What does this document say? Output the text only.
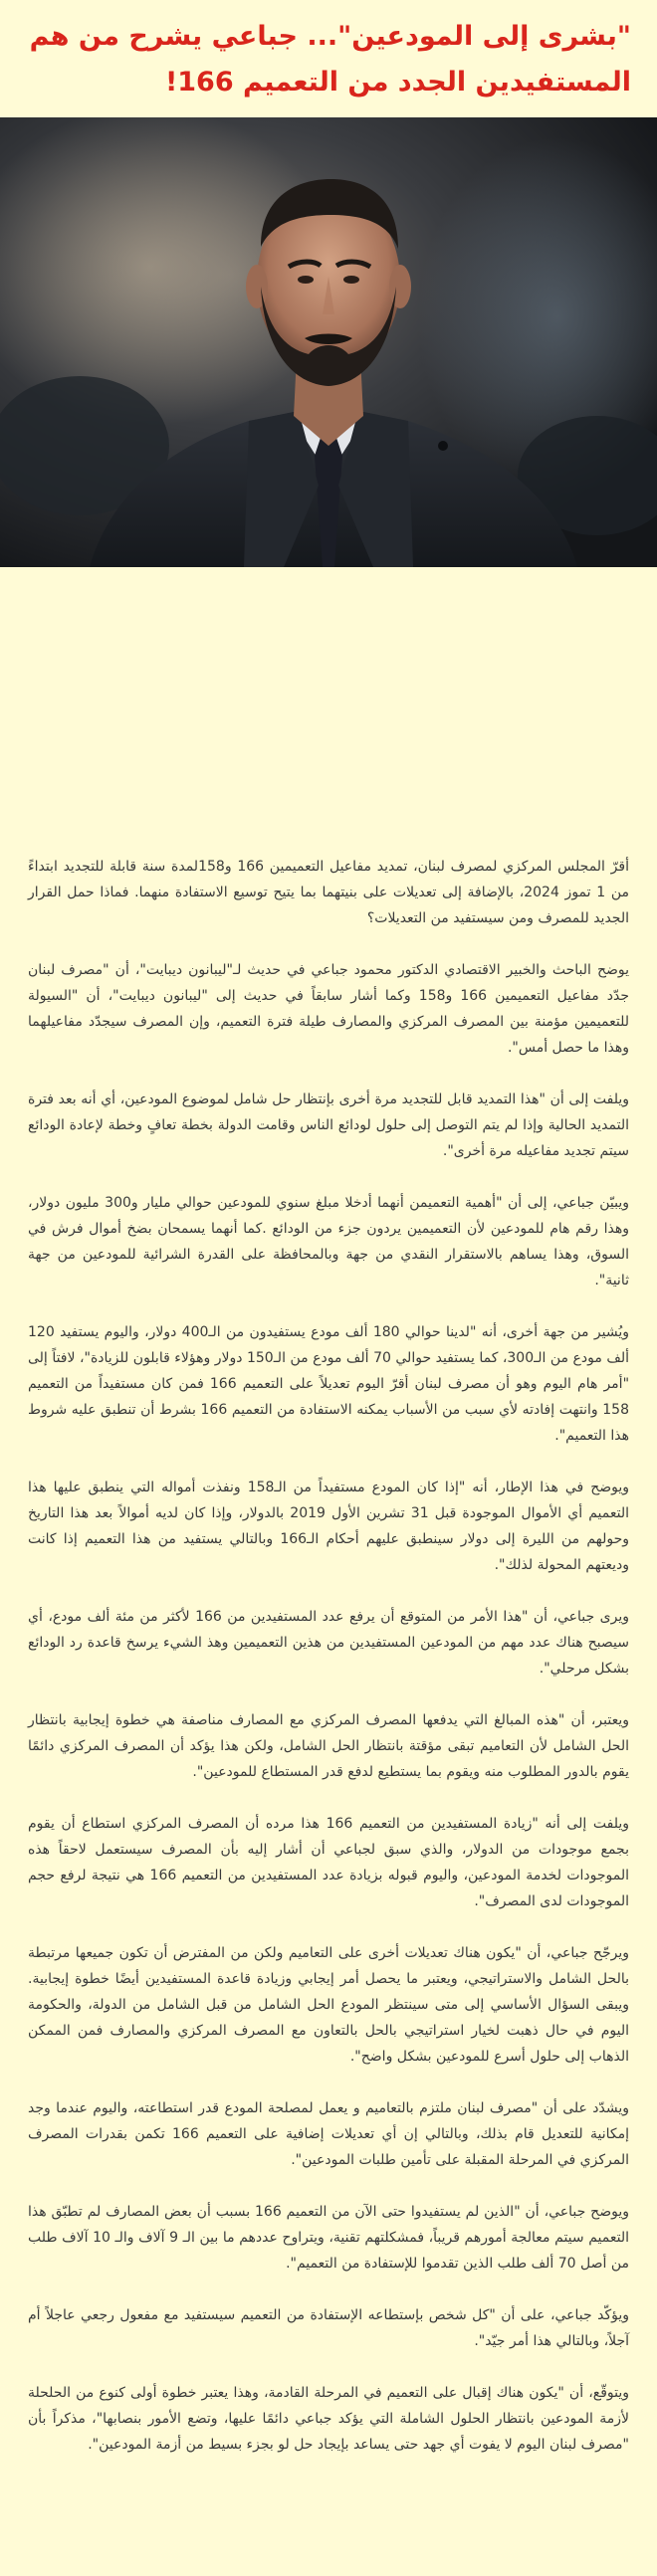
"بشرى إلى المودعين"... جباعي يشرح من هم المستفيدين الجدد من التعميم 166!

أقرّ المجلس المركزي لمصرف لبنان، تمديد مفاعيل التعميمين 166 و158لمدة سنة قابلة للتجديد ابتداءً من 1 تموز 2024، بالإضافة إلى تعديلات على بنيتهما بما يتيح توسيع الاستفادة منهما. فماذا حمل القرار الجديد للمصرف ومن سيستفيد من التعديلات؟

يوضح الباحث والخبير الاقتصادي الدكتور محمود جباعي في حديث لـ"ليبانون ديبايت"، أن "مصرف لبنان جدّد مفاعيل التعميمين 166 و158 وكما أشار سابقاً في حديث إلى "ليبانون ديبايت"، أن "السيولة للتعميمين مؤمنة بين المصرف المركزي والمصارف طيلة فترة التعميم، وإن المصرف سيجدّد مفاعيلهما وهذا ما حصل أمس".

ويلفت إلى أن "هذا التمديد قابل للتجديد مرة أخرى بإنتظار حل شامل لموضوع المودعين، أي أنه بعد فترة التمديد الحالية وإذا لم يتم التوصل إلى حلول لودائع الناس وقامت الدولة بخطة تعافٍ وخطة لإعادة الودائع سيتم تجديد مفاعيله مرة أخرى".

ويبيّن جباعي، إلى أن "أهمية التعميمن أنهما أدخلا مبلغ سنوي للمودعين حوالي مليار و300 مليون دولار، وهذا رقم هام للمودعين لأن التعميمين يردون جزء من الودائع .كما أنهما يسمحان بضخ أموال فرش في السوق، وهذا يساهم بالاستقرار النقدي من جهة وبالمحافظة على القدرة الشرائية للمودعين من جهة ثانية".

ويُشير من جهة أخرى، أنه "لدينا حوالي 180 ألف مودع يستفيدون من الـ400 دولار، واليوم يستفيد 120 ألف مودع من الـ300، كما يستفيد حوالي 70 ألف مودع من الـ150 دولار وهؤلاء قابلون للزيادة"، لافتاً إلى "أمر هام اليوم وهو أن مصرف لبنان أقرّ اليوم تعديلاً على التعميم 166 فمن كان مستفيداً من التعميم 158 وانتهت إفادته لأي سبب من الأسباب يمكنه الاستفادة من التعميم 166 بشرط أن تنطبق عليه شروط هذا التعميم".

ويوضح في هذا الإطار، أنه "إذا كان المودع مستفيداً من الـ158 ونفذت أمواله التي ينطبق عليها هذا التعميم أي الأموال الموجودة قبل 31 تشرين الأول 2019 بالدولار، وإذا كان لديه أموالاً بعد هذا التاريخ وحولهم من الليرة إلى دولار سينطبق عليهم أحكام الـ166 وبالتالي يستفيد من هذا التعميم إذا كانت وديعتهم المحولة لذلك".

ويرى جباعي، أن "هذا الأمر من المتوقع أن يرفع عدد المستفيدين من 166 لأكثر من مئة ألف مودع، أي سيصبح هناك عدد مهم من المودعين المستفيدين من هذين التعميمين وهذ الشيء يرسخ قاعدة رد الودائع بشكل مرحلي".

ويعتبر، أن "هذه المبالغ التي يدفعها المصرف المركزي مع المصارف مناصفة هي خطوة إيجابية بانتظار الحل الشامل لأن التعاميم تبقى مؤقتة بانتظار الحل الشامل، ولكن هذا يؤكد أن المصرف المركزي دائمًا يقوم بالدور المطلوب منه ويقوم بما يستطيع لدفع قدر المستطاع للمودعين".

ويلفت إلى أنه "زيادة المستفيدين من التعميم 166 هذا مرده أن المصرف المركزي استطاع أن يقوم بجمع موجودات من الدولار، والذي سبق لجباعي أن أشار إليه بأن المصرف سيستعمل لاحقاً هذه الموجودات لخدمة المودعين، واليوم قبوله بزيادة عدد المستفيدين من التعميم 166 هي نتيجة لرفع حجم الموجودات لدى المصرف".

ويرجّح جباعي، أن "يكون هناك تعديلات أخرى على التعاميم ولكن من المفترض أن تكون جميعها مرتبطة بالحل الشامل والاستراتيجي، ويعتبر ما يحصل أمر إيجابي وزيادة قاعدة المستفيدين أيضًا خطوة إيجابية. ويبقى السؤال الأساسي إلى متى سينتظر المودع الحل الشامل من قبل الشامل من الدولة، والحكومة اليوم في حال ذهبت لخيار استراتيجي بالحل بالتعاون مع المصرف المركزي والمصارف فمن الممكن الذهاب إلى حلول أسرع للمودعين بشكل واضح".

ويشدّد على أن "مصرف لبنان ملتزم بالتعاميم و يعمل لمصلحة المودع قدر استطاعته، واليوم عندما وجد إمكانية للتعديل قام بذلك، وبالتالي إن أي تعديلات إضافية على التعميم 166 تكمن بقدرات المصرف المركزي في المرحلة المقبلة على تأمين طلبات المودعين".

ويوضح جباعي، أن "الذين لم يستفيدوا حتى الآن من التعميم 166 بسبب أن بعض المصارف لم تطبّق هذا التعميم سيتم معالجة أمورهم قريباً، فمشكلتهم تقنية، ويتراوح عددهم ما بين الـ 9 آلاف والـ 10 آلاف طلب من أصل 70 ألف طلب الذين تقدموا للإستفادة من التعميم".

ويؤكّد جباعي، على أن "كل شخص بإستطاعه الإستفادة من التعميم سيستفيد مع مفعول رجعي عاجلاً أم آجلاً، وبالتالي هذا أمر جيّد".

ويتوقّع، أن "يكون هناك إقبال على التعميم في المرحلة القادمة، وهذا يعتبر خطوة أولى كنوع من الحلحلة لأزمة المودعين بانتظار الحلول الشاملة التي يؤكد جباعي دائمًا عليها، وتضع الأمور بنصابها"، مذكراً بأن "مصرف لبنان اليوم لا يفوت أي جهد حتى يساعد بإيجاد حل لو بجزء بسيط من أزمة المودعين".
